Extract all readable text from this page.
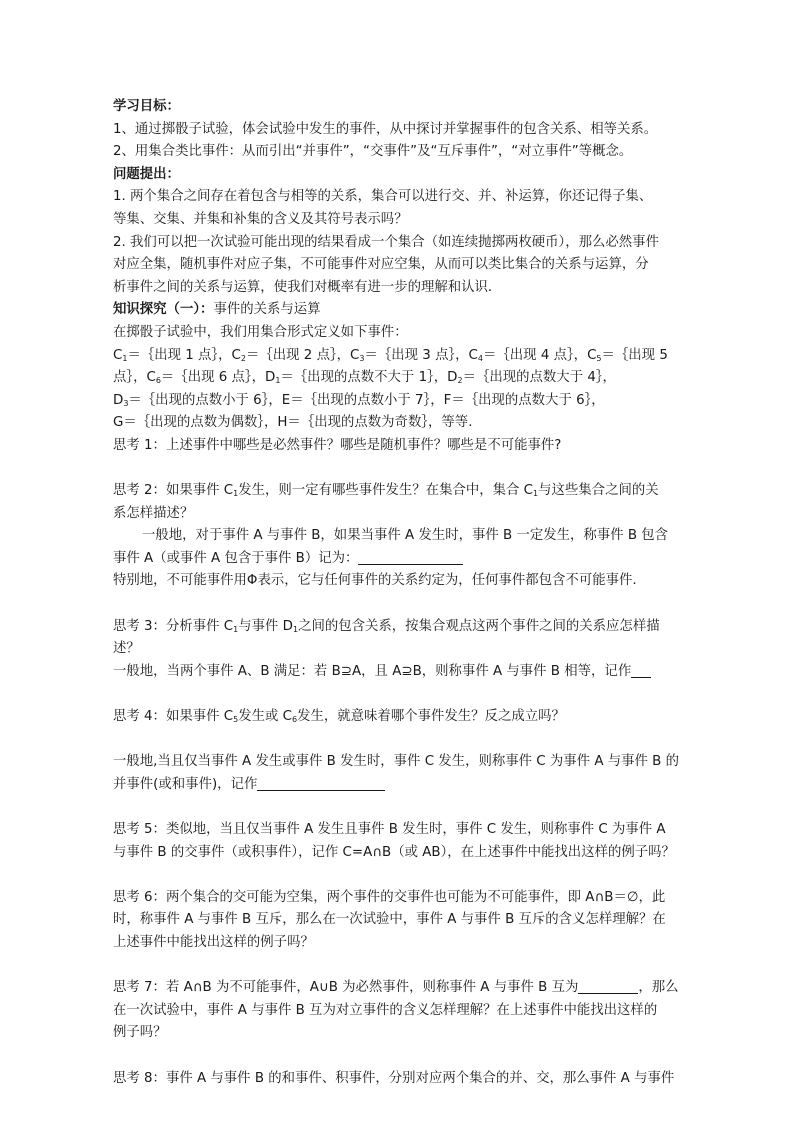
学习目标：
1、通过掷骰子试验，体会试验中发生的事件，从中探讨并掌握事件的包含关系、相等关系。
2、用集合类比事件：从而引出“并事件”，“交事件”及“互斥事件”，“对立事件”等概念。
问题提出：
1. 两个集合之间存在着包含与相等的关系，集合可以进行交、并、补运算，你还记得子集、
等集、交集、并集和补集的含义及其符号表示吗？
2. 我们可以把一次试验可能出现的结果看成一个集合（如连续抛掷两枚硬币），那么必然事件
对应全集，随机事件对应子集，不可能事件对应空集，从而可以类比集合的关系与运算，分
析事件之间的关系与运算，使我们对概率有进一步的理解和认识．
知识探究（一）：事件的关系与运算
在掷骰子试验中，我们用集合形式定义如下事件：
$C_1=\{$出现 1 点｝，$C_2=\{$出现 2 点｝，$C_3=\{$出现 3 点｝，$C_4=\{$出现 4 点｝，$C_5=\{$出现 5
点｝，$C_6=\{$出现 6 点｝，$D_1=\{$出现的点数不大于 1｝，$D_2=\{$出现的点数大于 4｝，
$D_3=\{$出现的点数小于 6｝，E＝｛出现的点数小于 7｝，F＝｛出现的点数大于 6｝，
G＝｛出现的点数为偶数｝，H＝｛出现的点数为奇数｝，等等.
思考 1：上述事件中哪些是必然事件？哪些是随机事件？哪些是不可能事件?
思考 2：如果事件 $C_1$发生，则一定有哪些事件发生？在集合中，集合 $C_1$与这些集合之间的关
系怎样描述？
一般地，对于事件 A 与事件 B，如果当事件 A 发生时，事件 B 一定发生，称事件 B 包含
事件 A（或事件 A 包含于事件 B）记为：
特别地，不可能事件用Φ表示，它与任何事件的关系约定为，任何事件都包含不可能事件.
思考 3：分析事件 $C_1$与事件 $D_1$之间的包含关系，按集合观点这两个事件之间的关系应怎样描
述？
一般地，当两个事件 A、B 满足：若 B⊇A，且 A⊇B，则称事件 A 与事件 B 相等，记作
思考 4：如果事件 $C_5$发生或 $C_6$发生，就意味着哪个事件发生？反之成立吗？
一般地,当且仅当事件 A 发生或事件 B 发生时，事件 C 发生，则称事件 C 为事件 A 与事件 B 的
并事件(或和事件)，记作
思考 5：类似地，当且仅当事件 A 发生且事件 B 发生时，事件 C 发生，则称事件 C 为事件 A
与事件 B 的交事件（或积事件），记作 C=A∩B（或 AB），在上述事件中能找出这样的例子吗？
思考 6：两个集合的交可能为空集，两个事件的交事件也可能为不可能事件，即 A∩B＝∅，此
时，称事件 A 与事件 B 互斥，那么在一次试验中，事件 A 与事件 B 互斥的含义怎样理解？在
上述事件中能找出这样的例子吗？
思考 7：若 A∩B 为不可能事件，A∪B 为必然事件，则称事件 A 与事件 B 互为	，那么
在一次试验中，事件 A 与事件 B 互为对立事件的含义怎样理解？在上述事件中能找出这样的
例子吗？
思考 8：事件 A 与事件 B 的和事件、积事件，分别对应两个集合的并、交，那么事件 A 与事件
